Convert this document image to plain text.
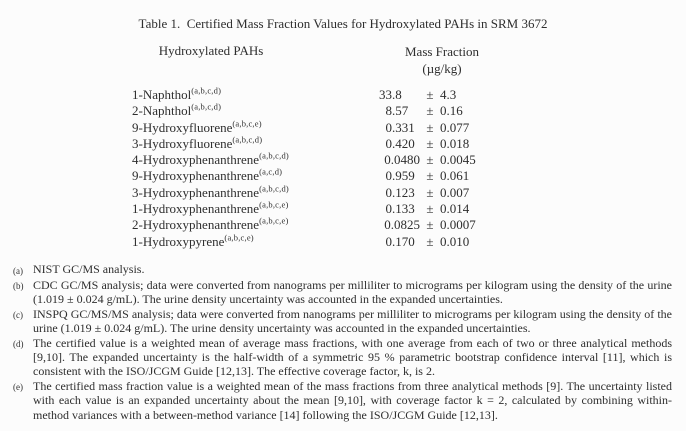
Table 1.  Certified Mass Fraction Values for Hydroxylated PAHs in SRM 3672
Hydroxylated PAHs	Mass Fraction
(µg/kg)
1-Naphthol$^{(a,b,c,d)}$	33 .8	± 4.3
2-Naphthol$^{(a,b,c,d)}$	8 .57	± 0.16
9-Hydroxyfluorene$^{(a,b,c,e)}$	0 .331 ± 0.077
3-Hydroxyfluorene$^{(a,b,c,d)}$	0 .420 ± 0.018
4-Hydroxyphenanthrene$^{(a,b,c,d)}$	0 .0480 ± 0.0045
9-Hydroxyphenanthrene$^{(a,c,d)}$	0 .959 ± 0.061
3-Hydroxyphenanthrene$^{(a,b,c,d)}$	0 .123 ± 0.007
1-Hydroxyphenanthrene$^{(a,b,c,e)}$	0 .133 ± 0.014
2-Hydroxyphenanthrene$^{(a,b,c,e)}$	0 .0825 ± 0.0007
1-Hydroxypyrene$^{(a,b,c,e)}$	0 .170 ± 0.010
(a) NIST GC/MS analysis.
(b) CDC GC/MS analysis; data were converted from nanograms per milliliter to micrograms per kilogram using the density of the urine (1.019 ± 0.024 g/mL). The urine density uncertainty was accounted in the expanded uncertainties.
(c) INSPQ GC/MS/MS analysis; data were converted from nanograms per milliliter to micrograms per kilogram using the density of the urine (1.019 ± 0.024 g/mL). The urine density uncertainty was accounted in the expanded uncertainties.
(d) The certified value is a weighted mean of average mass fractions, with one average from each of two or three analytical methods [9,10]. The expanded uncertainty is the half-width of a symmetric 95 % parametric bootstrap confidence interval [11], which is consistent with the ISO/JCGM Guide [12,13]. The effective coverage factor, k, is 2.
(e) The certified mass fraction value is a weighted mean of the mass fractions from three analytical methods [9]. The uncertainty listed with each value is an expanded uncertainty about the mean [9,10], with coverage factor k = 2, calculated by combining within-method variances with a between-method variance [14] following the ISO/JCGM Guide [12,13].
